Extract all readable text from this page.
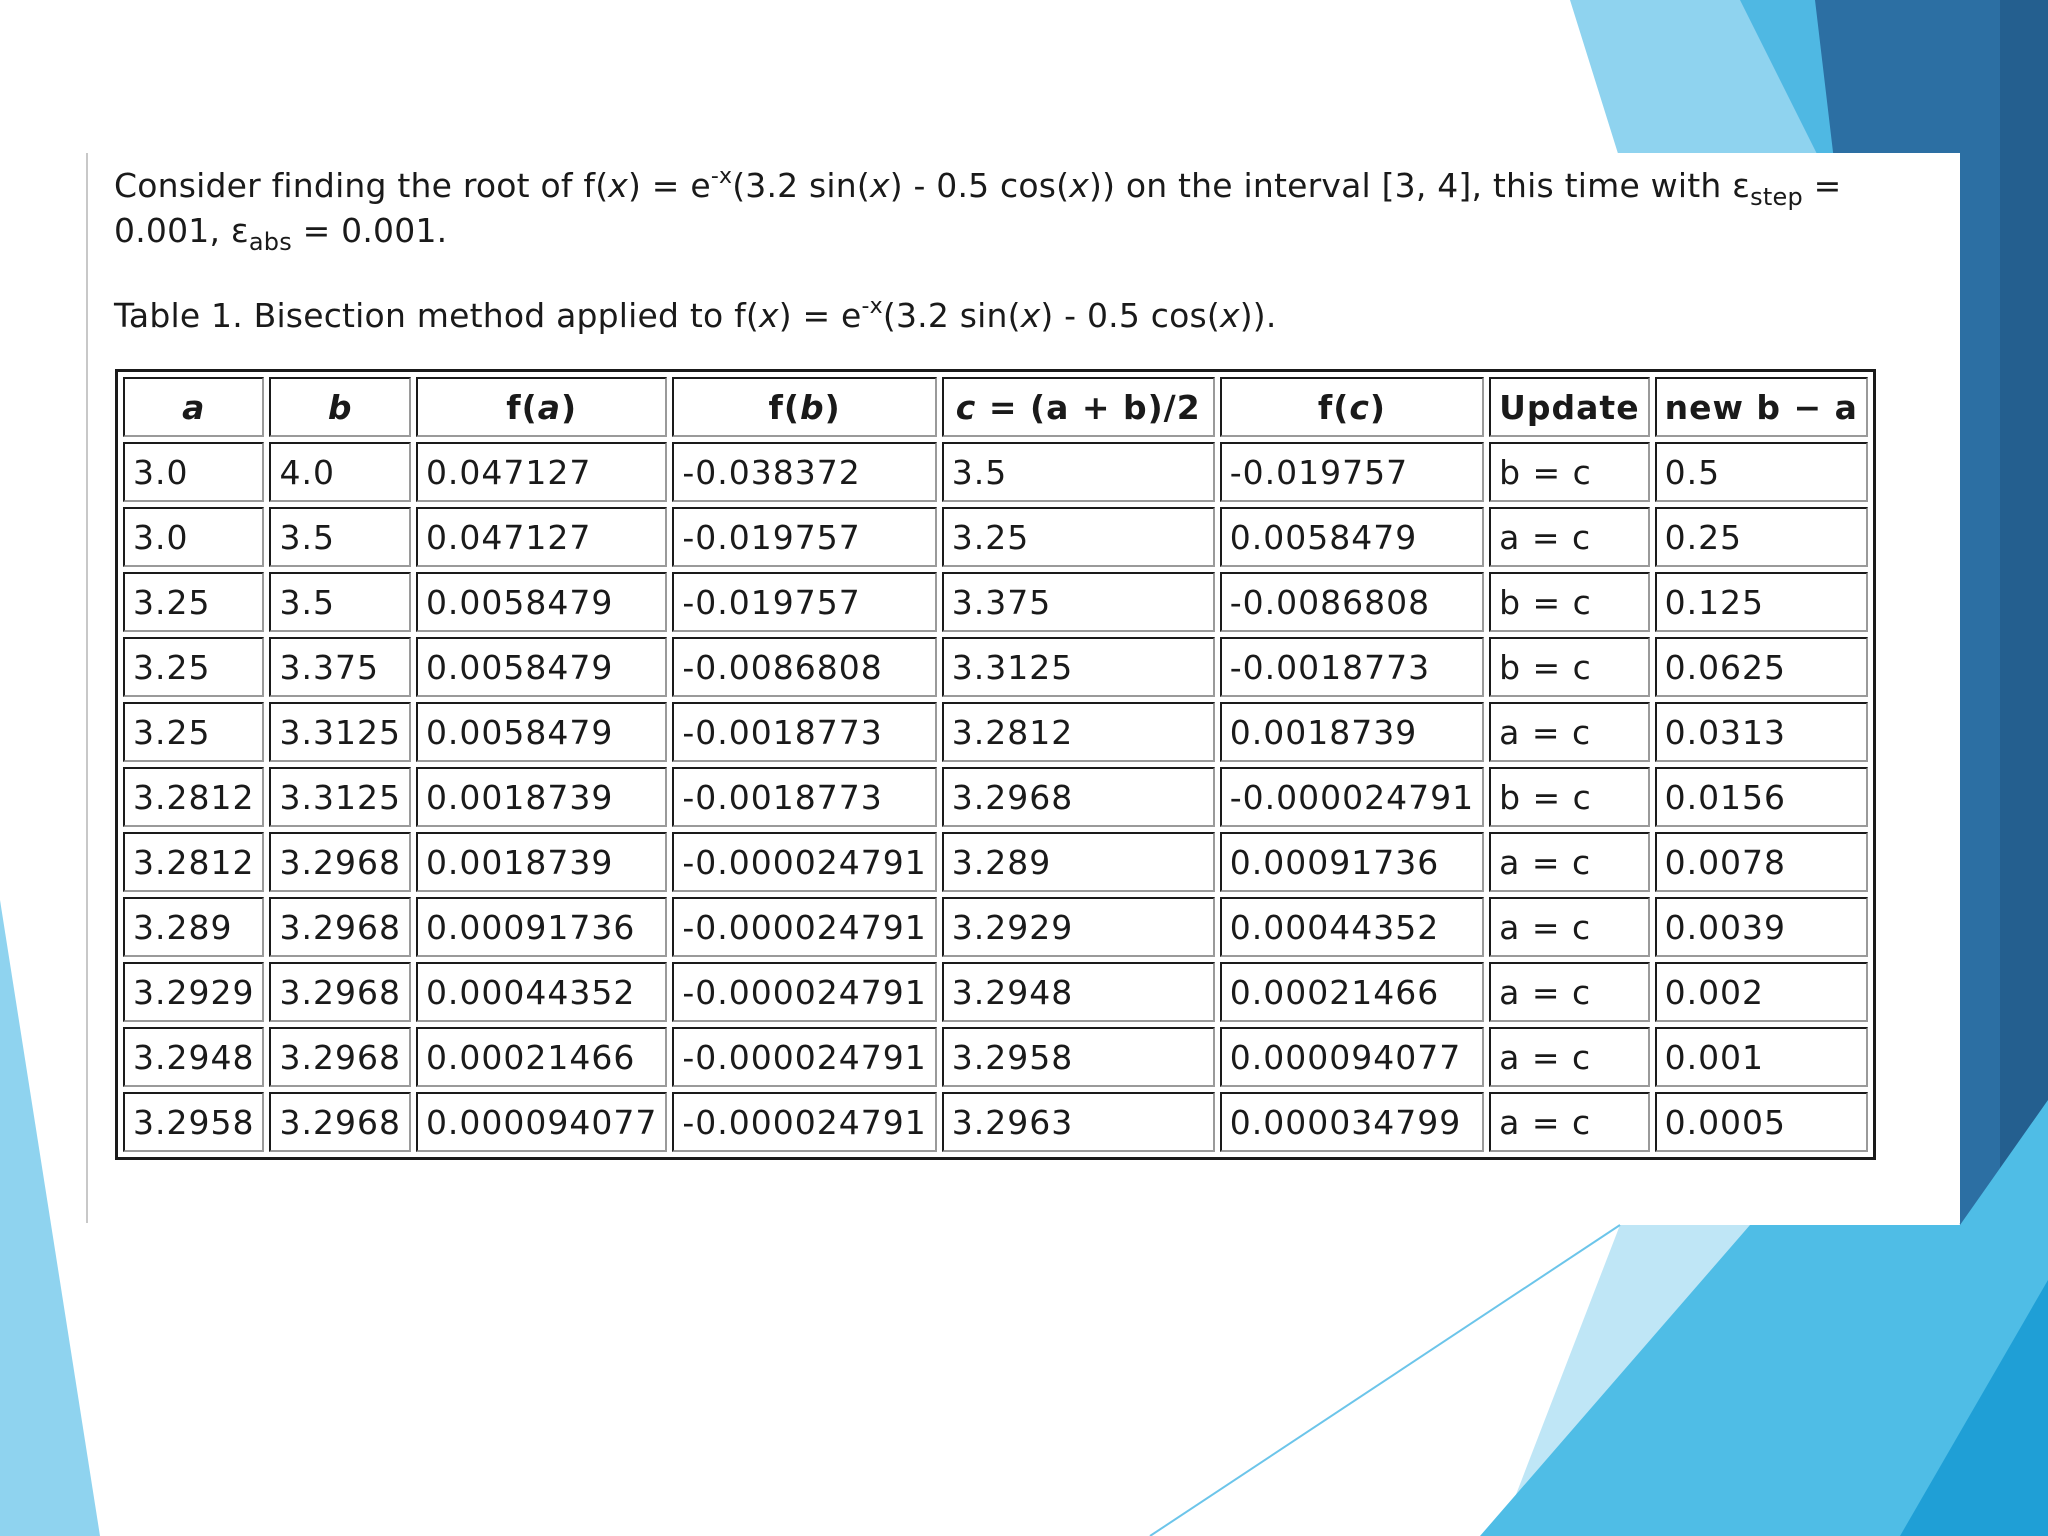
Consider finding the root of $f(x) = e^{-x}(3.2$ sin(x) - 0.5 cos(x)) on the interval [3, 4], this time with $\varepsilon_{step} = 0.001$, $\varepsilon_{abs} = 0.001$.

Table 1. Bisection method applied to $f(x) = e^{-x}(3.2$ sin(x) - 0.5 cos(x)).

a	b	f(a)	f(b)	c = (a + b)/2	f(c)	Update	new b − a
3.0	4.0	0.047127	-0.038372	3.5	-0.019757	b = c	0.5
3.0	3.5	0.047127	-0.019757	3.25	0.0058479	a = c	0.25
3.25	3.5	0.0058479	-0.019757	3.375	-0.0086808	b = c	0.125
3.25	3.375	0.0058479	-0.0086808	3.3125	-0.0018773	b = c	0.0625
3.25	3.3125	0.0058479	-0.0018773	3.2812	0.0018739	a = c	0.0313
3.2812	3.3125	0.0018739	-0.0018773	3.2968	-0.000024791	b = c	0.0156
3.2812	3.2968	0.0018739	-0.000024791	3.289	0.00091736	a = c	0.0078
3.289	3.2968	0.00091736	-0.000024791	3.2929	0.00044352	a = c	0.0039
3.2929	3.2968	0.00044352	-0.000024791	3.2948	0.00021466	a = c	0.002
3.2948	3.2968	0.00021466	-0.000024791	3.2958	0.000094077	a = c	0.001
3.2958	3.2968	0.000094077	-0.000024791	3.2963	0.000034799	a = c	0.0005
